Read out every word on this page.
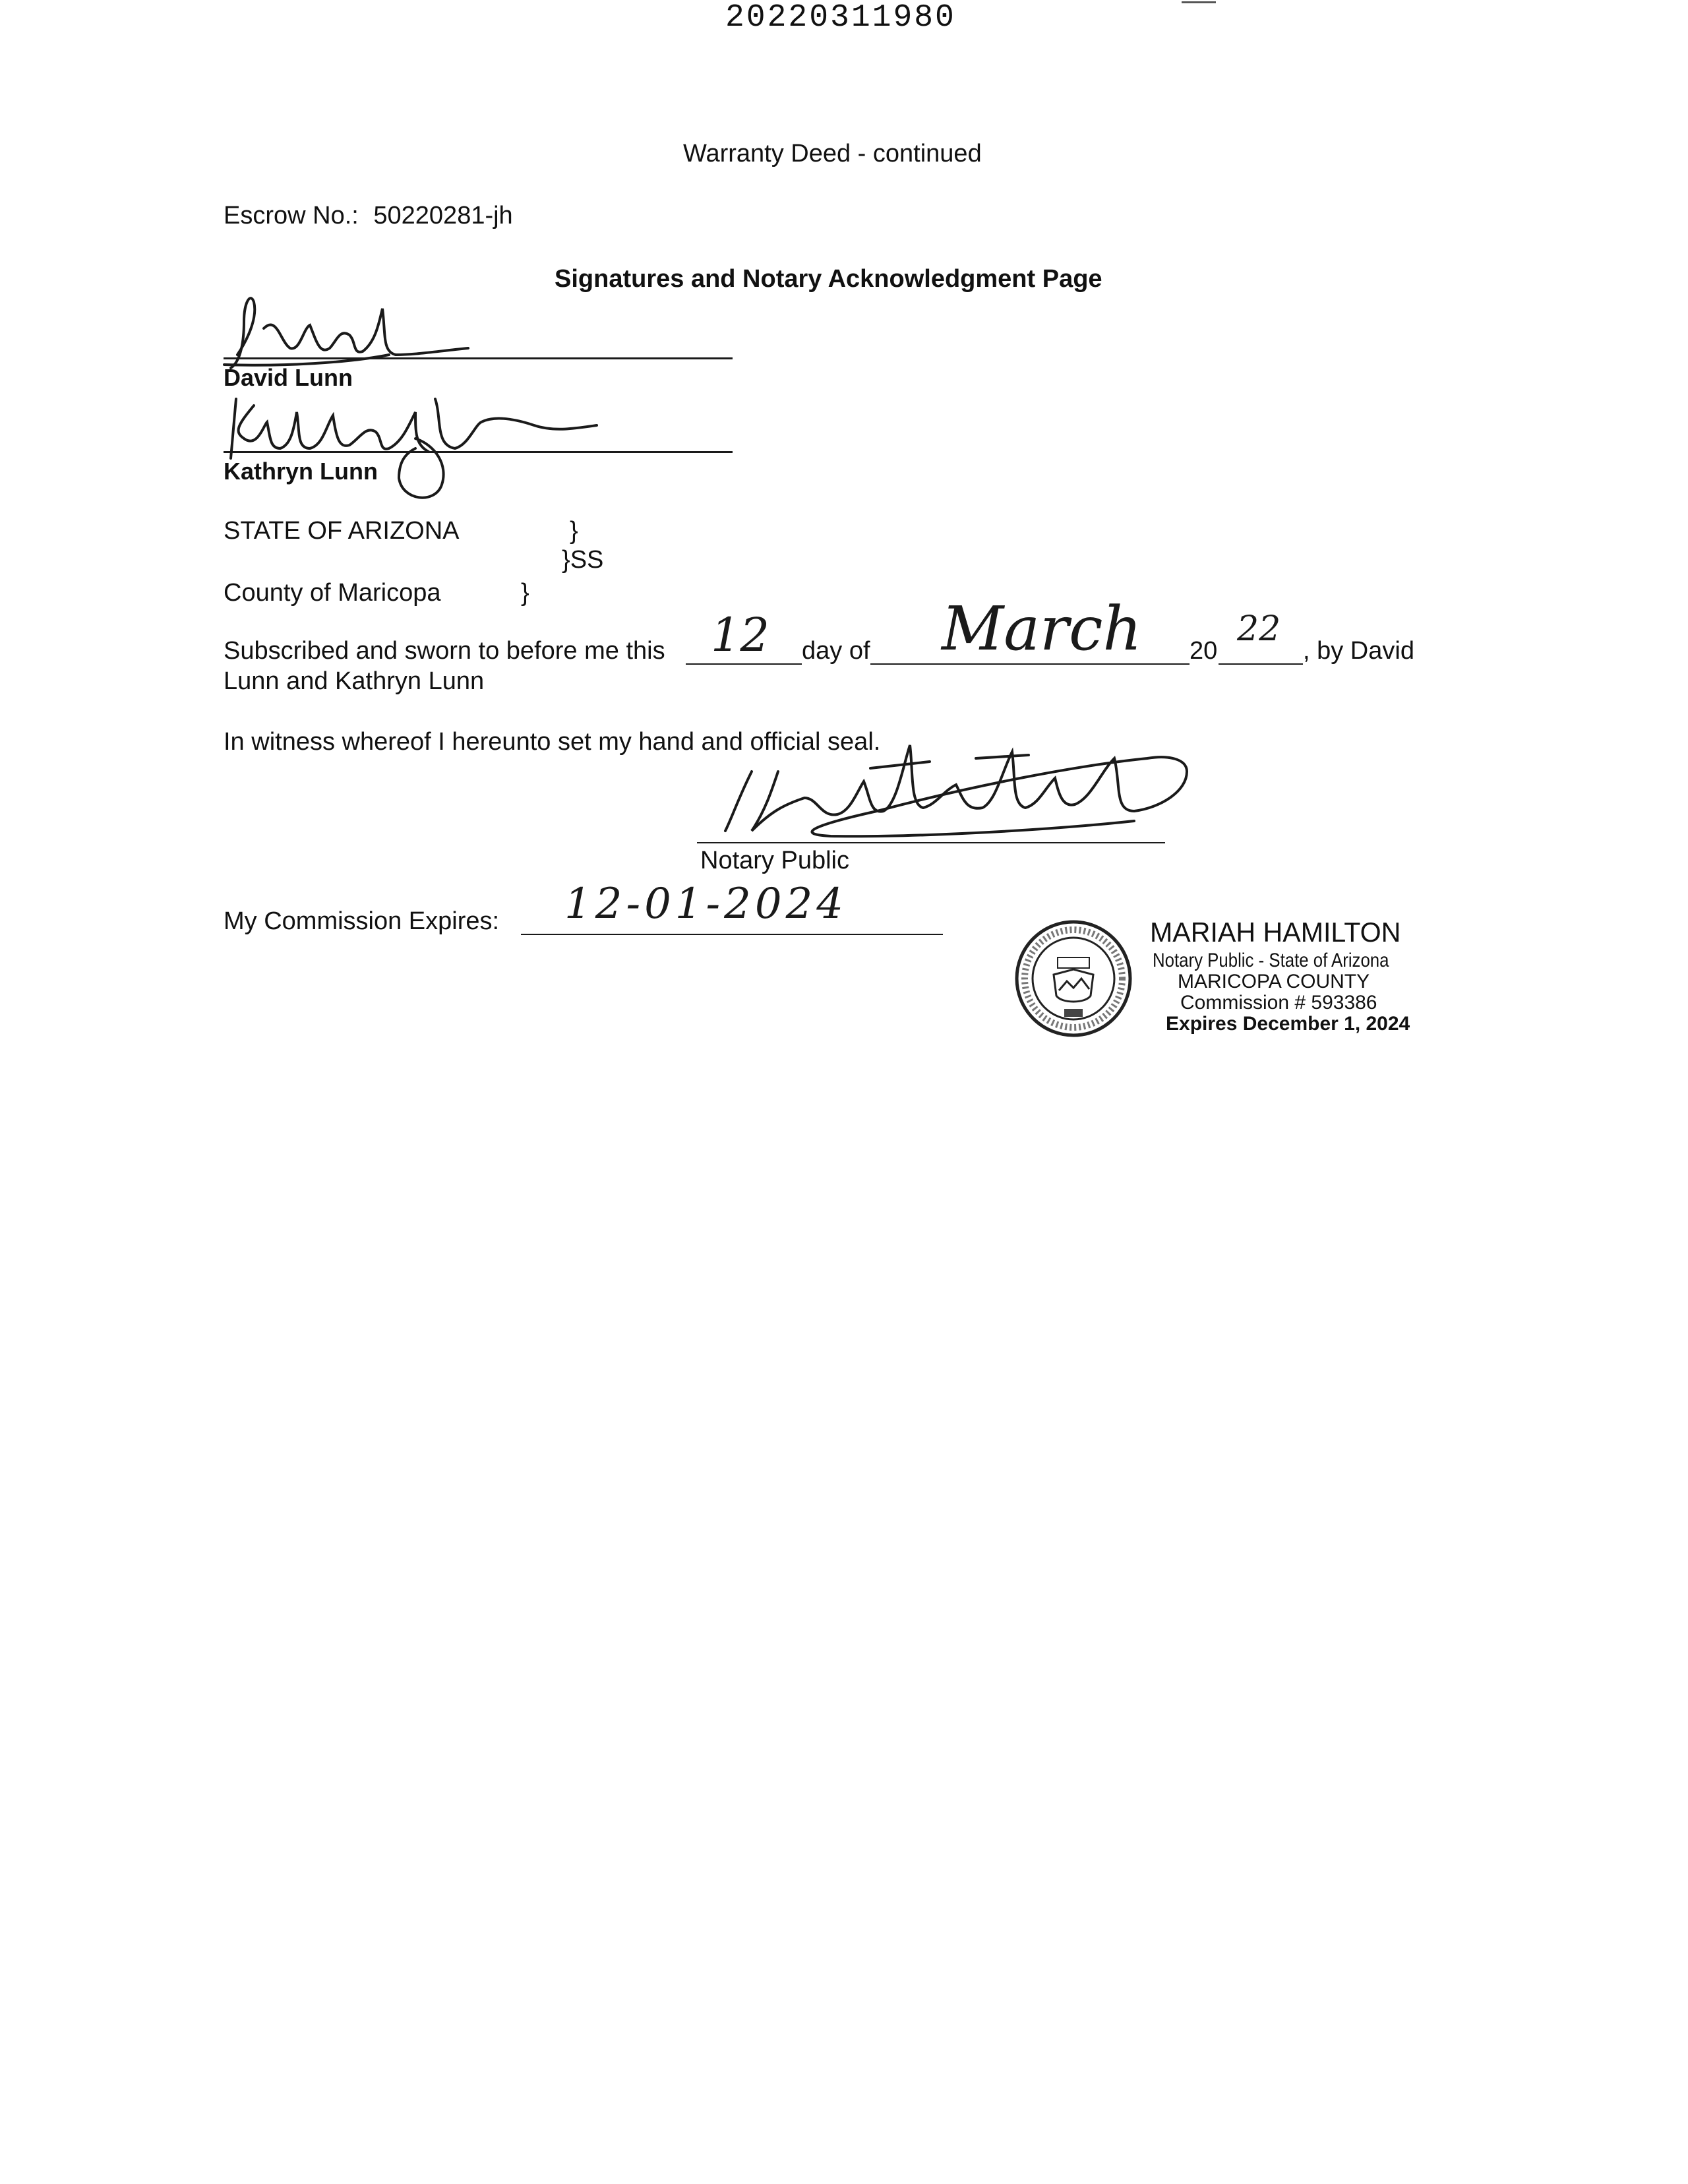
20220311980
Warranty Deed - continued
Escrow No.: 50220281-jh
Signatures and Notary Acknowledgment Page
David Lunn
Kathryn Lunn
STATE OF ARIZONA	}
}SS
County of Maricopa	}
Subscribed and sworn to before me this 12 day of March 20
22
, by David
Lunn and Kathryn Lunn
In witness whereof I hereunto set my hand and official seal.
Notary Public
My Commission Expires: 12-01-2024
MARIAH HAMILTON
Notary Public - State of Arizona
MARICOPA COUNTY
Commission # 593386
Expires December 1, 2024
